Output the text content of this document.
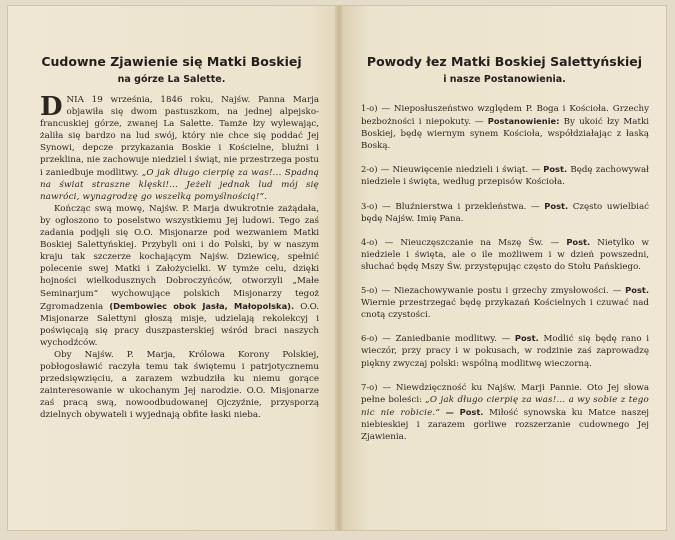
Cudowne Zjawienie się Matki Boskiej
na górze La Salette.

DNIA 19 września, 1846 roku, Najśw. Panna Marja objawiła się dwom pastuszkom, na jednej alpejsko-francuskiej górze, zwanej La Salette. Tamże łzy wylewając, żaliła się bardzo na lud swój, który nie chce się poddać Jej Synowi, depcze przykazania Boskie i Kościelne, bluźni i przeklina, nie zachowuje niedziel i świąt, nie przestrzega postu i zaniedbuje modlitwy. „O jak długo cierpię za was!... Spadną na świat straszne klęski!... Jeżeli jednak lud mój się nawróci, wynagrodzę go wszelką pomyślnością!“.

Kończąc swą mowę, Najśw. P. Marja dwukrotnie zażądała, by ogłoszono to poselstwo wszystkiemu Jej ludowi. Tego zaś zadania podjęli się O.O. Misjonarze pod wezwaniem Matki Boskiej Salettyńskiej. Przybyli oni i do Polski, by w naszym kraju tak szczerze kochającym Najśw. Dziewicę, spełnić polecenie swej Matki i Założycielki. W tymże celu, dzięki hojności wielkodusznych Dobroczyńców, otworzyli „Małe Seminarjum“ wychowujące polskich Misjonarzy tegoż Zgromadzenia (Dembowiec obok Jasła, Małopolska). O.O. Misjonarze Salettyni głoszą misje, udzielają rekolekcyj i poświęcają się pracy duszpasterskiej wśród braci naszych wychodźców.

Oby Najśw. P. Marja, Królowa Korony Polskiej, pobłogosławić raczyła temu tak świętemu i patrjotycznemu przedsięwzięciu, a zarazem wzbudziła ku niemu gorące zainteresowanie w ukochanym Jej narodzie. O.O. Misjonarze zaś pracą swą, nowoodbudowanej Ojczyźnie, przysporzą dzielnych obywateli i wyjednają obfite łaski nieba.

Powody łez Matki Boskiej Salettyńskiej
i nasze Postanowienia.

1-o) — Nieposłuszeństwo względem P. Boga i Kościoła. Grzechy bezbożności i niepokuty. — Postanowienie: By ukoić łzy Matki Boskiej, będę wiernym synem Kościoła, współdziałając z łaską Boską.

2-o) — Nieuwięcenie niedzieli i świąt. — Post. Będę zachowywał niedziele i święta, według przepisów Kościoła.

3-o) — Bluźnierstwa i przekleństwa. — Post. Często uwielbiać będę Najśw. Imię Pana.

4-o) — Nieuczęszczanie na Mszę Św. — Post. Nietylko w niedziele i święta, ale o ile możliwem i w dzień powszedni, słuchać będę Mszy Św. przystępując często do Stołu Pańskiego.

5-o) — Niezachowywanie postu i grzechy zmysłowości. — Post. Wiernie przestrzegać będę przykazań Kościelnych i czuwać nad cnotą czystości.

6-o) — Zaniedbanie modlitwy. — Post. Modlić się będę rano i wieczór, przy pracy i w pokusach, w rodzinie zaś zaprowadzę piękny zwyczaj polski: wspólną modlitwę wieczorną.

7-o) — Niewdzięczność ku Najśw. Marji Pannie. Oto Jej słowa pełne boleści: „O jak długo cierpię za was!... a wy sobie z tego nic nie robicie.“ — Post. Miłość synowska ku Matce naszej niebieskiej i zarazem gorliwe rozszerzanie cudownego Jej Zjawienia.
